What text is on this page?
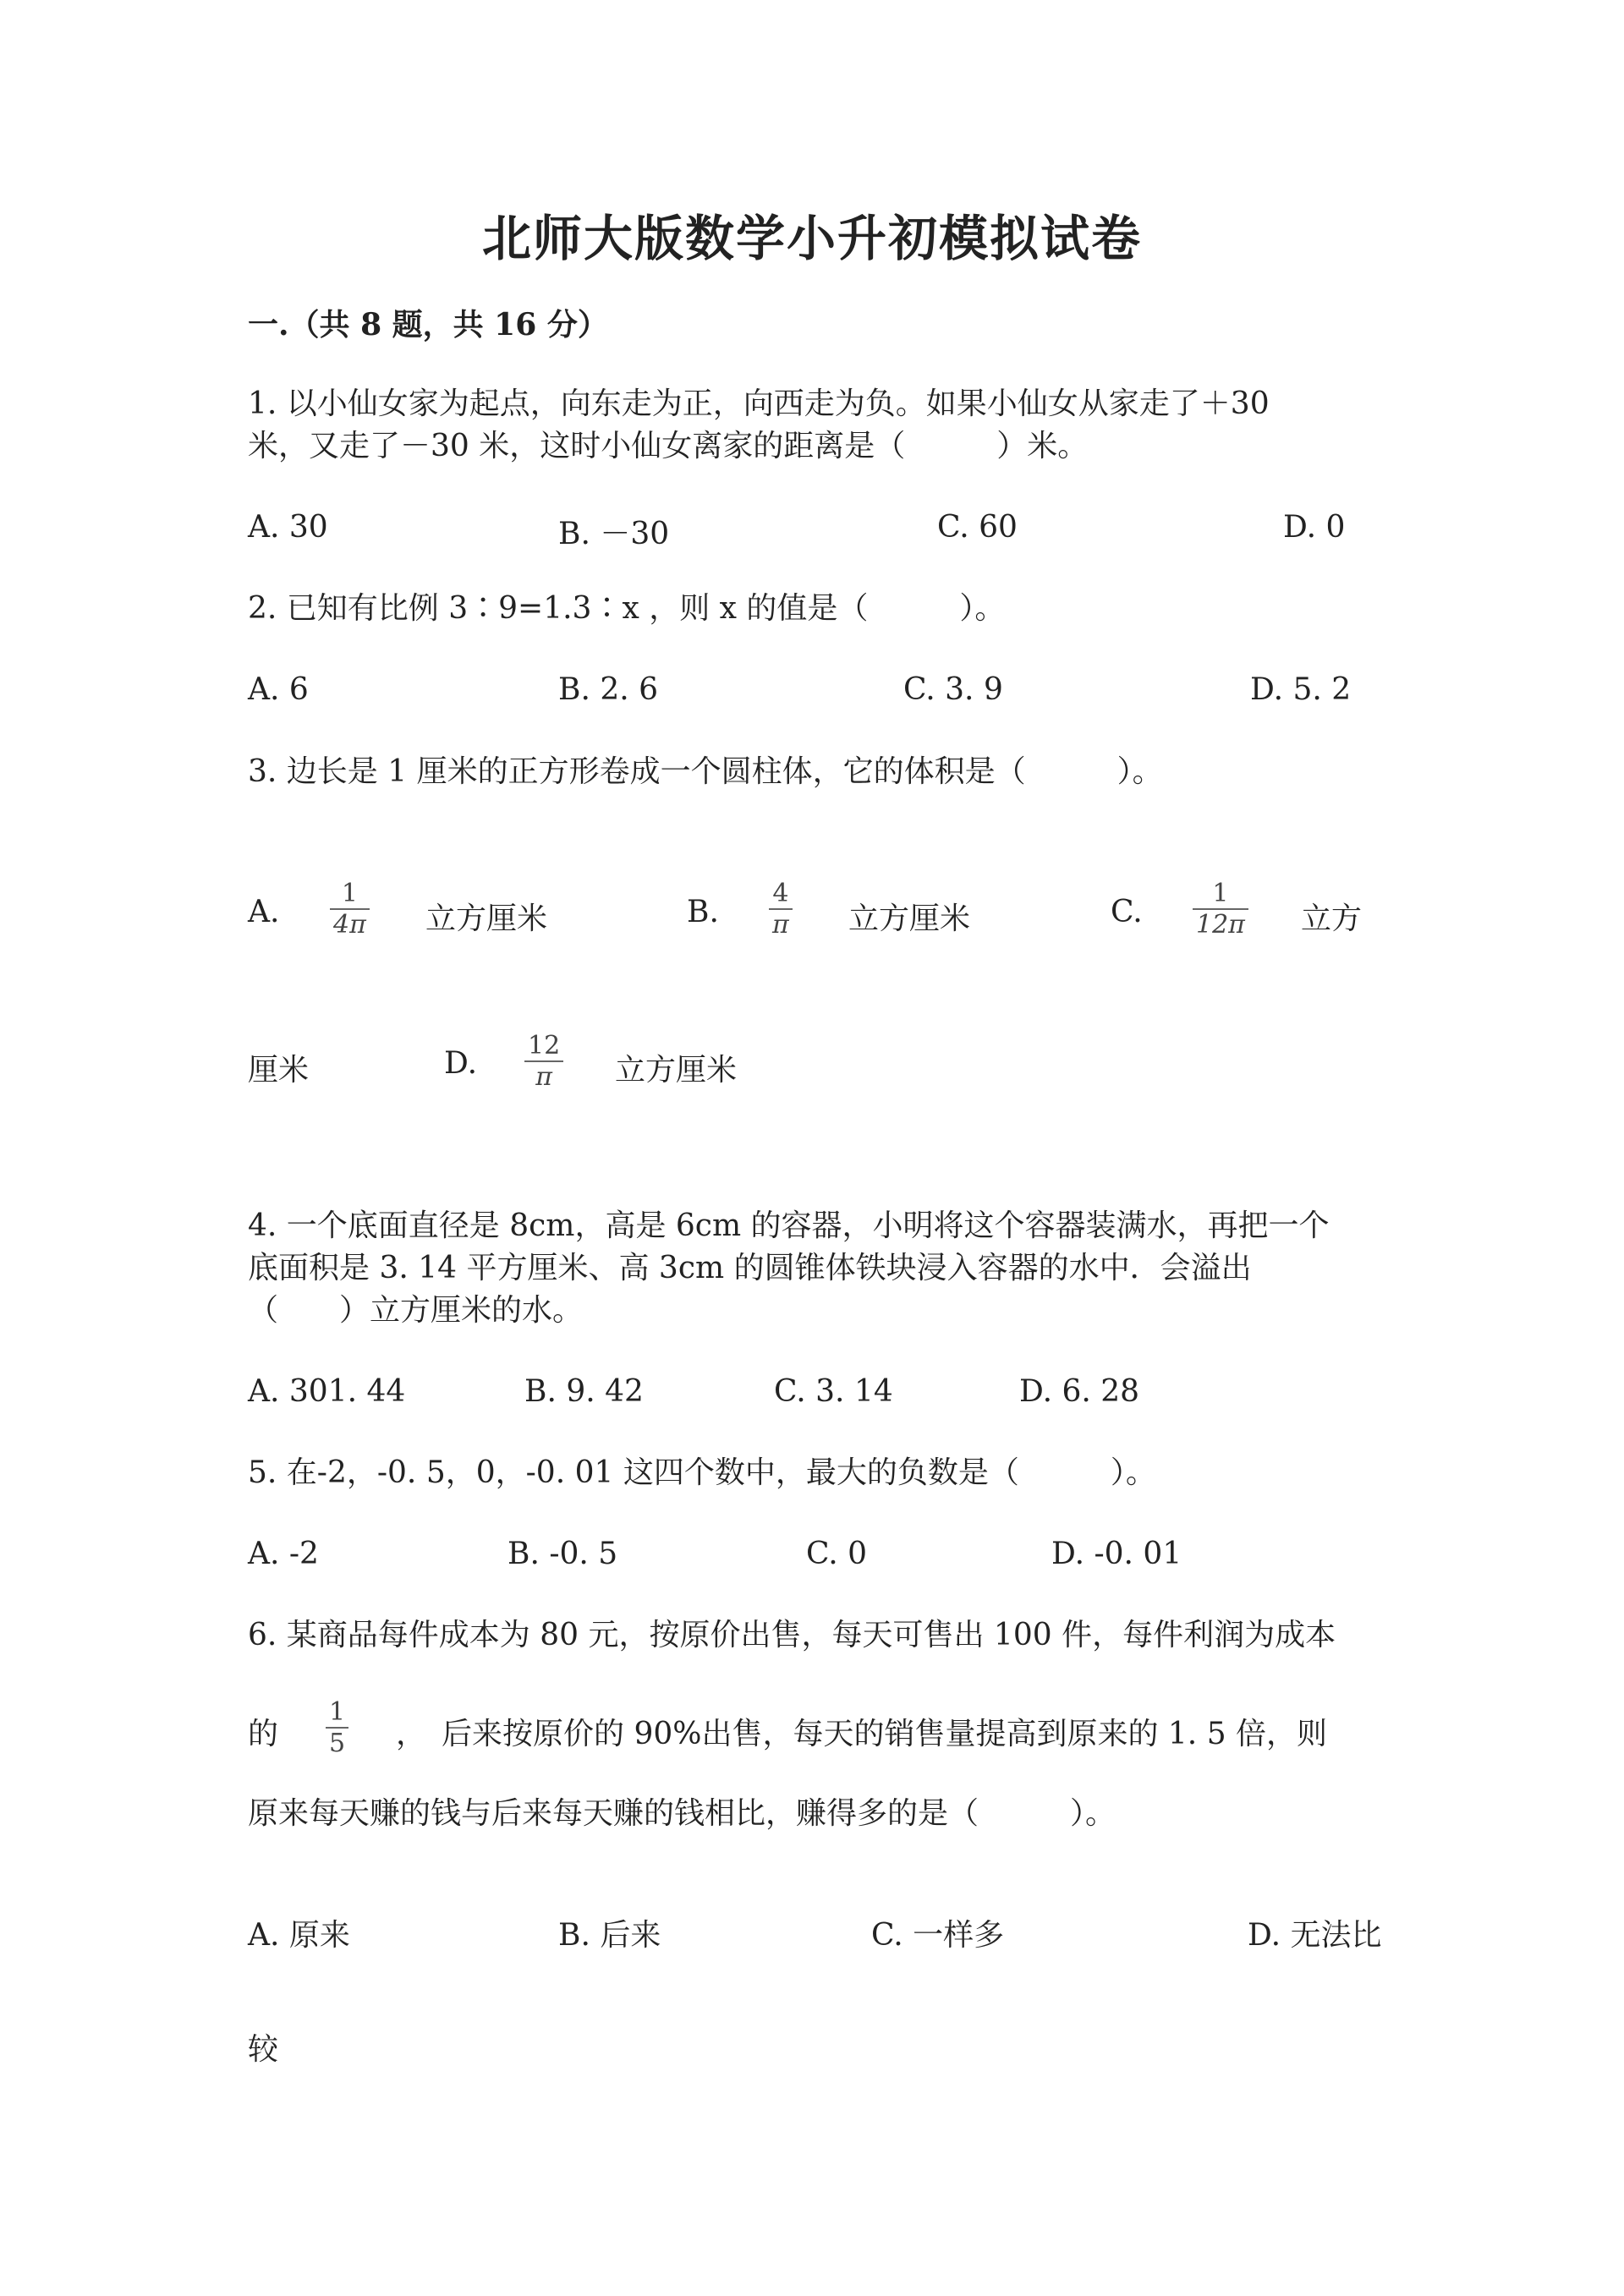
北师大版数学小升初模拟试卷
一.（共 8 题，共 16 分）
1. 以小仙女家为起点，向东走为正，向西走为负。如果小仙女从家走了＋30
米，又走了－30 米，这时小仙女离家的距离是（　　　）米。
A. 30	B. －30	C. 60	D. 0
2. 已知有比例 3∶9=1.3∶x ，则 x 的值是（　　　）。
A. 6	B. 2. 6	C. 3. 9	D. 5. 2
3. 边长是 1 厘米的正方形卷成一个圆柱体，它的体积是（　　　）。
A.
1
4π 立方厘米	B.
4
π 立方厘米	C.
1
12π 立方
厘米	D.
12
π 立方厘米
4. 一个底面直径是 8cm，高是 6cm 的容器，小明将这个容器装满水，再把一个
底面积是 3. 14 平方厘米、高 3cm 的圆锥体铁块浸入容器的水中．会溢出
（　　）立方厘米的水。
A. 301. 44	B. 9. 42	C. 3. 14	D. 6. 28
5. 在-2，-0. 5，0，-0. 01 这四个数中，最大的负数是（　　　）。
A. -2	B. -0. 5	C. 0	D. -0. 01
6. 某商品每件成本为 80 元，按原价出售，每天可售出 100 件，每件利润为成本
的
1
5 ，　后来按原价的 90%出售，每天的销售量提高到原来的 1. 5 倍，则
原来每天赚的钱与后来每天赚的钱相比，赚得多的是（　　　）。
A. 原来	B. 后来	C. 一样多	D. 无法比
较
